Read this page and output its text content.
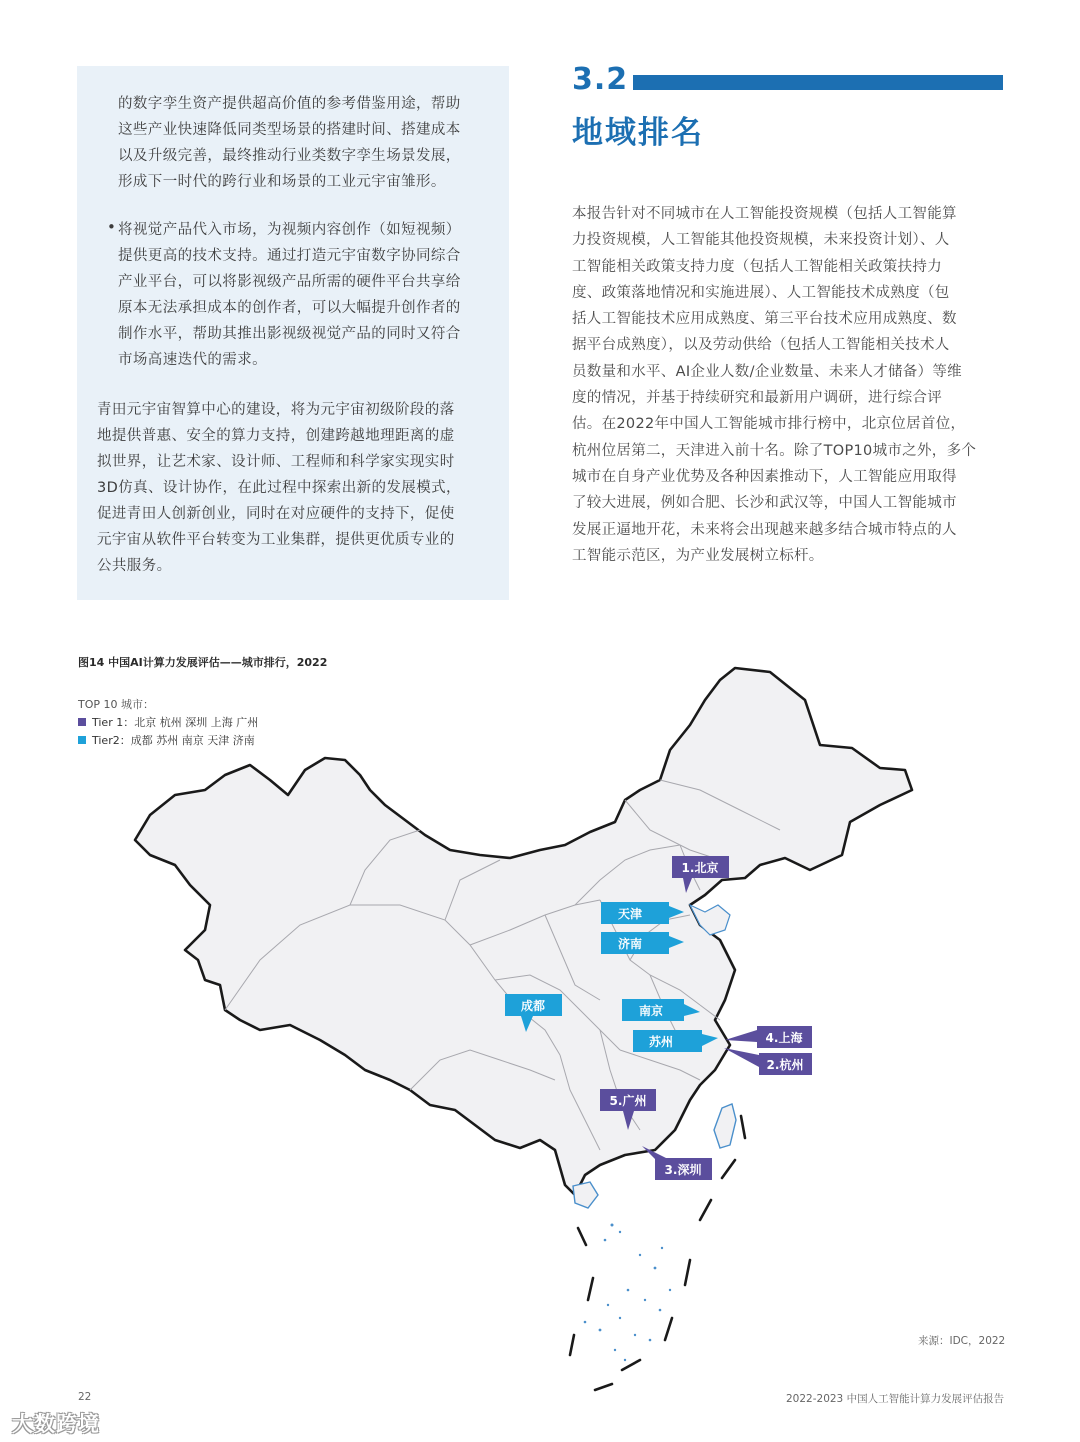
的数字孪生资产提供超高价值的参考借鉴用途，帮助
这些产业快速降低同类型场景的搭建时间、搭建成本
以及升级完善，最终推动行业类数字孪生场景发展，
形成下一时代的跨行业和场景的工业元宇宙雏形。

• 将视觉产品代入市场，为视频内容创作（如短视频）
提供更高的技术支持。通过打造元宇宙数字协同综合
产业平台，可以将影视级产品所需的硬件平台共享给
原本无法承担成本的创作者，可以大幅提升创作者的
制作水平，帮助其推出影视级视觉产品的同时又符合
市场高速迭代的需求。

青田元宇宙智算中心的建设，将为元宇宙初级阶段的落
地提供普惠、安全的算力支持，创建跨越地理距离的虚
拟世界，让艺术家、设计师、工程师和科学家实现实时
3D仿真、设计协作，在此过程中探索出新的发展模式，
促进青田人创新创业，同时在对应硬件的支持下，促使
元宇宙从软件平台转变为工业集群，提供更优质专业的
公共服务。

3.2
地域排名

本报告针对不同城市在人工智能投资规模（包括人工智能算
力投资规模，人工智能其他投资规模，未来投资计划）、人
工智能相关政策支持力度（包括人工智能相关政策扶持力
度、政策落地情况和实施进展）、人工智能技术成熟度（包
括人工智能技术应用成熟度、第三平台技术应用成熟度、数
据平台成熟度），以及劳动供给（包括人工智能相关技术人
员数量和水平、AI企业人数/企业数量、未来人才储备）等维
度的情况，并基于持续研究和最新用户调研，进行综合评
估。在2022年中国人工智能城市排行榜中，北京位居首位，
杭州位居第二，天津进入前十名。除了TOP10城市之外，多个
城市在自身产业优势及各种因素推动下，人工智能应用取得
了较大进展，例如合肥、长沙和武汉等，中国人工智能城市
发展正逼地开花，未来将会出现越来越多结合城市特点的人
工智能示范区，为产业发展树立标杆。

图14 中国AI计算力发展评估——城市排行，2022
TOP 10 城市：
Tier 1：北京 杭州 深圳 上海 广州
Tier2：成都 苏州 南京 天津 济南
1.北京
天津
济南
成都	南京
苏州	4.上海
2.杭州
5.广州
3.深圳
来源：IDC，2022
22	2022-2023 中国人工智能计算力发展评估报告
大数跨境
